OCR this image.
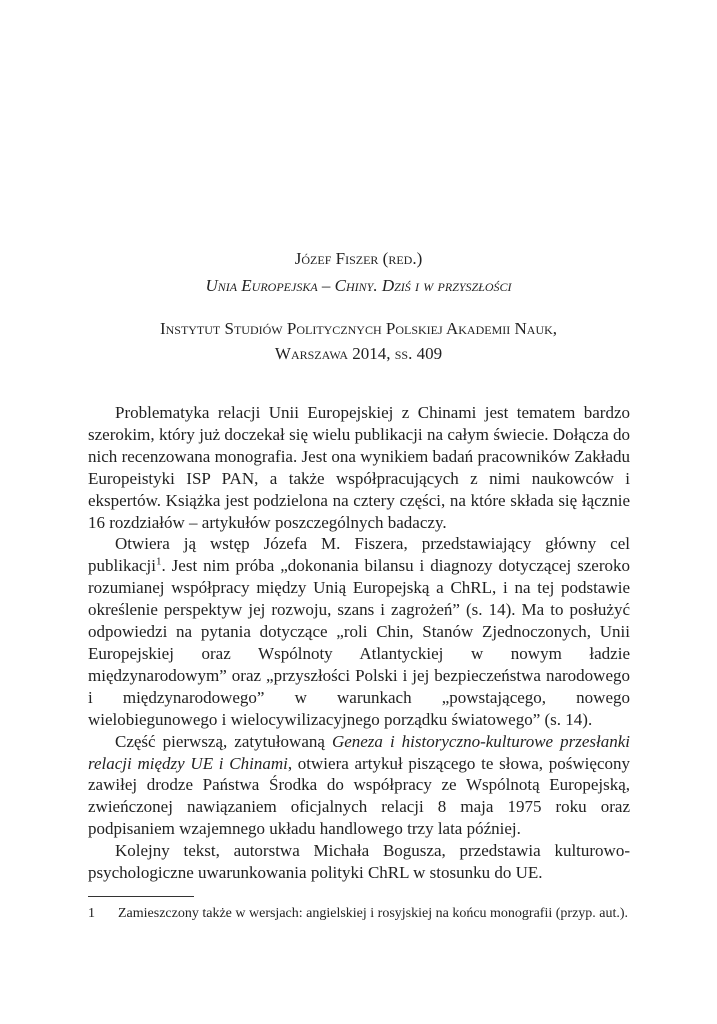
Józef Fiszer (red.)
Unia Europejska – Chiny. Dziś i w przyszłości
Instytut Studiów Politycznych Polskiej Akademii Nauk,
Warszawa 2014, ss. 409

Problematyka relacji Unii Europejskiej z Chinami jest tematem bardzo szerokim, który już doczekał się wielu publikacji na całym świecie. Dołącza do nich recenzowana monografia. Jest ona wynikiem badań pracowników Zakładu Europeistyki ISP PAN, a także współpracujących z nimi naukowców i ekspertów. Książka jest podzielona na cztery części, na które składa się łącznie 16 rozdziałów – artykułów poszczególnych badaczy.

Otwiera ją wstęp Józefa M. Fiszera, przedstawiający główny cel publikacji$^1$. Jest nim próba „dokonania bilansu i diagnozy dotyczącej szeroko rozumianej współpracy między Unią Europejską a ChRL, i na tej podstawie określenie perspektyw jej rozwoju, szans i zagrożeń” (s. 14). Ma to posłużyć odpowiedzi na pytania dotyczące „roli Chin, Stanów Zjednoczonych, Unii Europejskiej oraz Wspólnoty Atlantyckiej w nowym ładzie międzynarodowym” oraz „przyszłości Polski i jej bezpieczeństwa narodowego i międzynarodowego” w warunkach „powstającego, nowego wielobiegunowego i wielocywilizacyjnego porządku światowego” (s. 14).

Część pierwszą, zatytułowaną Geneza i historyczno-kulturowe przesłanki relacji między UE i Chinami, otwiera artykuł piszącego te słowa, poświęcony zawiłej drodze Państwa Środka do współpracy ze Wspólnotą Europejską, zwieńczonej nawiązaniem oficjalnych relacji 8 maja 1975 roku oraz podpisaniem wzajemnego układu handlowego trzy lata później.

Kolejny tekst, autorstwa Michała Bogusza, przedstawia kulturowo-psychologiczne uwarunkowania polityki ChRL w stosunku do UE.

1 Zamieszczony także w wersjach: angielskiej i rosyjskiej na końcu monografii (przyp. aut.).
